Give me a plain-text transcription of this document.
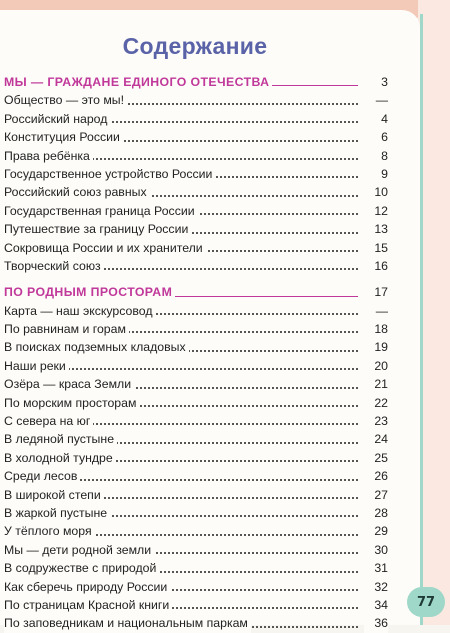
Содержание
МЫ — ГРАЖДАНЕ ЕДИНОГО ОТЕЧЕСТВА	3
Общество — это мы!	—
Российский народ	4
Конституция России	6
Права ребёнка	8
Государственное устройство России	9
Российский союз равных	10
Государственная граница России	12
Путешествие за границу России	13
Сокровища России и их хранители	15
Творческий союз	16
ПО РОДНЫМ ПРОСТОРАМ	17
Карта — наш экскурсовод	—
По равнинам и горам	18
В поисках подземных кладовых	19
Наши реки	20
Озёра — краса Земли	21
По морским просторам	22
С севера на юг	23
В ледяной пустыне	24
В холодной тундре	25
Среди лесов	26
В широкой степи	27
В жаркой пустыне	28
У тёплого моря	29
Мы — дети родной земли	30
В содружестве с природой	31
Как сберечь природу России	32
По страницам Красной книги	34
По заповедникам и национальным паркам	36
77
